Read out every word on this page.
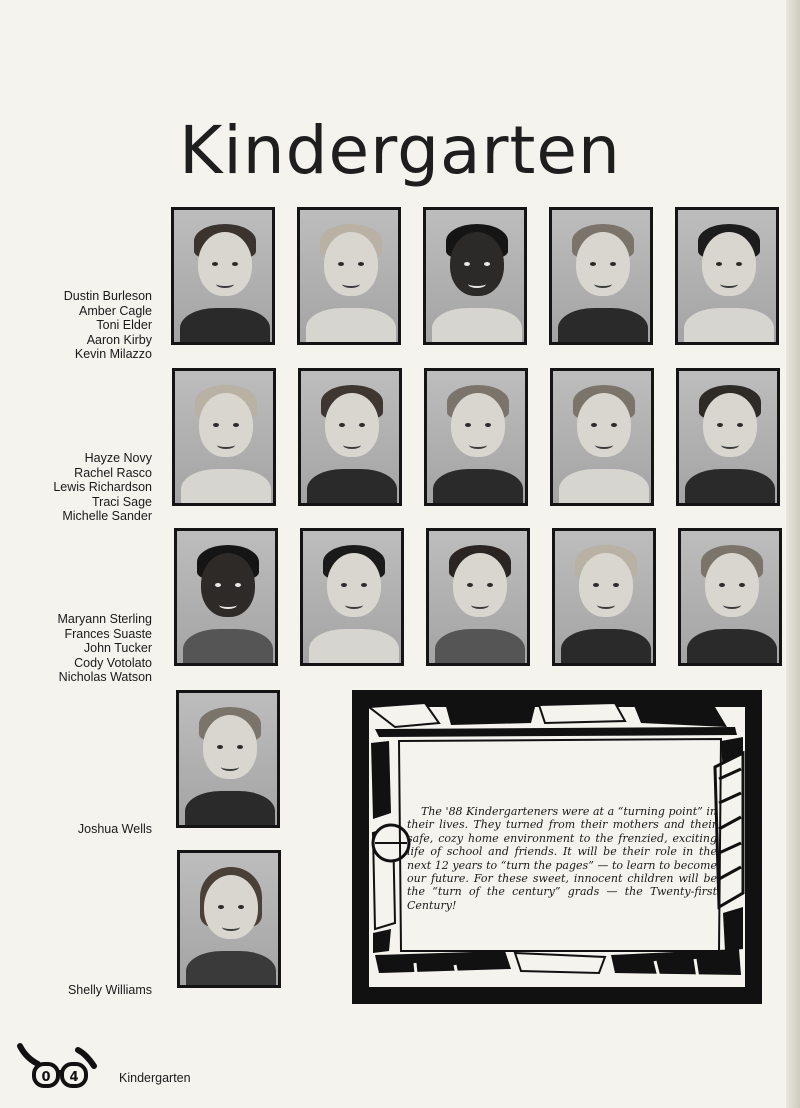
Kindergarten
Dustin Burleson
Amber Cagle
Toni Elder
Aaron Kirby
Kevin Milazzo
Hayze Novy
Rachel Rasco
Lewis Richardson
Traci Sage
Michelle Sander
Maryann Sterling
Frances Suaste
John Tucker
Cody Votolato
Nicholas Watson
Joshua Wells
Shelly Williams

The '88 Kindergarteners were at a “turning point” in their lives. They turned from their mothers and their safe, cozy home environment to the frenzied, exciting life of school and friends. It will be their role in the next 12 years to “turn the pages” — to learn to become our future. For these sweet, innocent children will be the “turn of the century” grads — the Twenty-first Century!

0 4	Kindergarten
